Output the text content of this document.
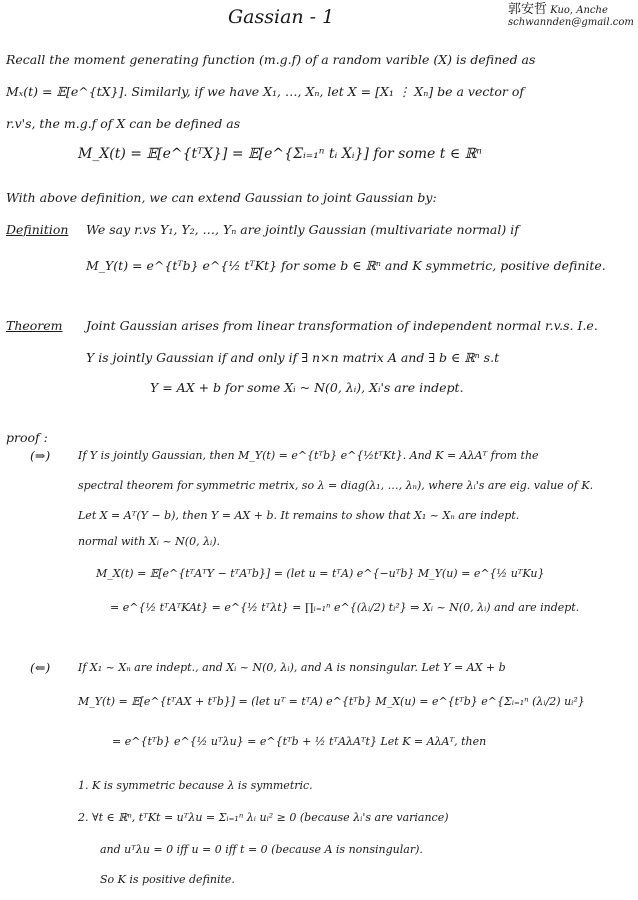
Gassian - 1	郭安哲 Kuo, Anche
schwannden@gmail.com
Recall the moment generating function (m.g.f) of a random varible (X) is defined as
Mₓ(t) = 𝔼[e^{tX}]. Similarly, if we have X₁, …, Xₙ, let X = [X₁ ⋮ Xₙ] be a vector of
r.v's, the m.g.f of X can be defined as
M_X(t) = 𝔼[e^{tᵀX}] = 𝔼[e^{Σᵢ₌₁ⁿ tᵢ Xᵢ}] for some t ∈ ℝⁿ
With above definition, we can extend Gaussian to joint Gaussian by:
Definition We say r.vs Y₁, Y₂, …, Yₙ are jointly Gaussian (multivariate normal) if
M_Y(t) = e^{tᵀb} e^{½ tᵀKt} for some b ∈ ℝⁿ and K symmetric, positive definite.
Theorem Joint Gaussian arises from linear transformation of independent normal r.v.s. I.e.
Y is jointly Gaussian if and only if ∃ n×n matrix A and ∃ b ∈ ℝⁿ s.t
Y = AX + b for some Xᵢ ~ N(0, λᵢ), Xᵢ's are indept.
proof :
(⇒)	If Y is jointly Gaussian, then M_Y(t) = e^{tᵀb} e^{½tᵀKt}. And K = AλAᵀ from the
spectral theorem for symmetric metrix, so λ = diag(λ₁, …, λₙ), where λᵢ's are eig. value of K.
Let X = Aᵀ(Y − b), then Y = AX + b. It remains to show that X₁ ~ Xₙ are indept.
normal with Xᵢ ~ N(0, λᵢ).
M_X(t) = 𝔼[e^{tᵀAᵀY − tᵀAᵀb}] = (let u = tᵀA) e^{−uᵀb} M_Y(u) = e^{½ uᵀKu}
= e^{½ tᵀAᵀKAt} = e^{½ tᵀλt} = ∏ᵢ₌₁ⁿ e^{(λᵢ/2) tᵢ²} ⇒ Xᵢ ~ N(0, λᵢ) and are indept.
(⇐)	If X₁ ~ Xₙ are indept., and Xᵢ ~ N(0, λᵢ), and A is nonsingular. Let Y = AX + b
M_Y(t) = 𝔼[e^{tᵀAX + tᵀb}] = (let uᵀ = tᵀA) e^{tᵀb} M_X(u) = e^{tᵀb} e^{Σᵢ₌₁ⁿ (λᵢ/2) uᵢ²}
= e^{tᵀb} e^{½ uᵀλu} = e^{tᵀb + ½ tᵀAλAᵀt} Let K = AλAᵀ, then
1. K is symmetric because λ is symmetric.
2. ∀t ∈ ℝⁿ, tᵀKt = uᵀλu = Σᵢ₌₁ⁿ λᵢ uᵢ² ≥ 0 (because λᵢ's are variance)
and uᵀλu = 0 iff u = 0 iff t = 0 (because A is nonsingular).
So K is positive definite.
